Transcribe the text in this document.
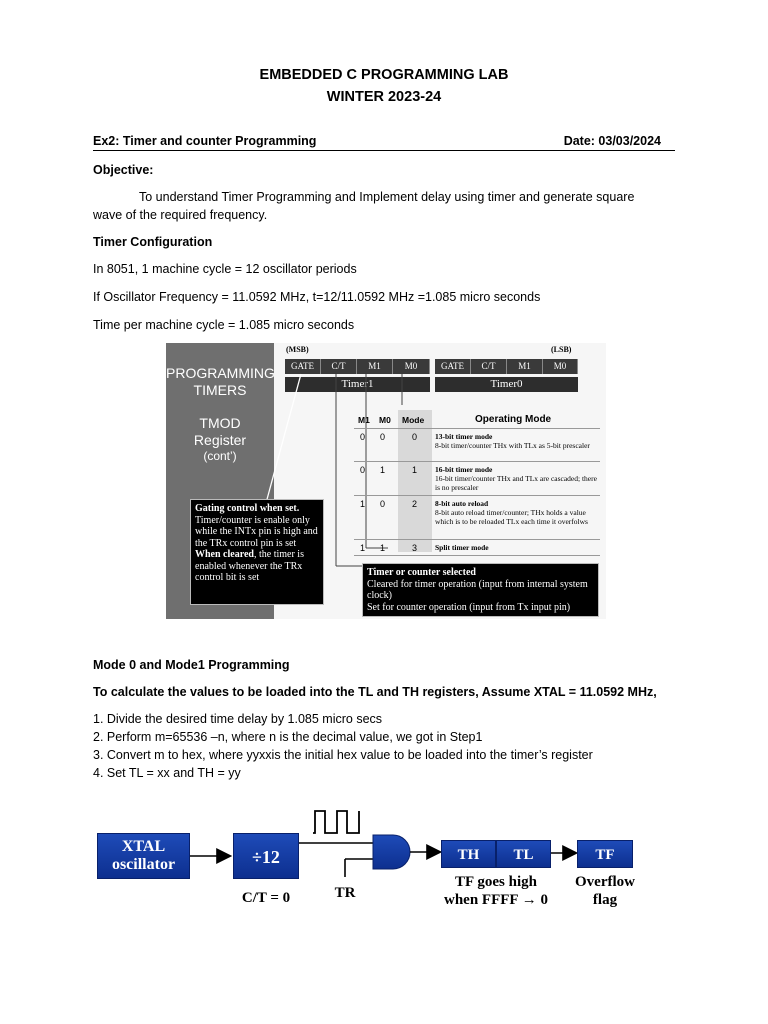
EMBEDDED C PROGRAMMING LAB
WINTER 2023-24
Ex2: Timer and counter Programming	Date: 03/03/2024
Objective:
To understand Timer Programming and Implement delay using timer and generate square
wave of the required frequency.
Timer Configuration
In 8051, 1 machine cycle = 12 oscillator periods
If Oscillator Frequency = 11.0592 MHz, t=12/11.0592 MHz =1.085 micro seconds
Time per machine cycle = 1.085 micro seconds
PROGRAMMING
TIMERS
TMOD
Register
(cont’)
(MSB)	(LSB)
GATE	C/T	M1	M0
Timer1
GATE	C/T	M1	M0
Timer0
M1 M0 Mode	Operating Mode
0 0	0 13-bit timer mode
8-bit timer/counter THx with TLx as 5-bit prescaler
0 1	1 16-bit timer mode
16-bit timer/counter THx and TLx are cascaded; there is no prescaler
1 0	2 8-bit auto reload
8-bit auto reload timer/counter; THx holds a value which is to be reloaded TLx each time it overfolws
1 1	3 Split timer mode
Gating control when set.
Timer/counter is enable only while the INTx pin is high and the TRx control pin is set
When cleared, the timer is enabled whenever the TRx control bit is set	Timer or counter selected
Cleared for timer operation (input from internal system clock)
Set for counter operation (input from Tx input pin)
Mode 0 and Mode1 Programming
To calculate the values to be loaded into the TL and TH registers, Assume XTAL = 11.0592 MHz,
1. Divide the desired time delay by 1.085 micro secs
2. Perform m=65536 –n, where n is the decimal value, we got in Step1
3. Convert m to hex, where yyxxis the initial hex value to be loaded into the timer’s register
4. Set TL = xx and TH = yy
XTAL
oscillator	÷12
C/T = 0	TR
TH	TL
TF goes high
when FFFF → 0
TF
Overflow
flag
